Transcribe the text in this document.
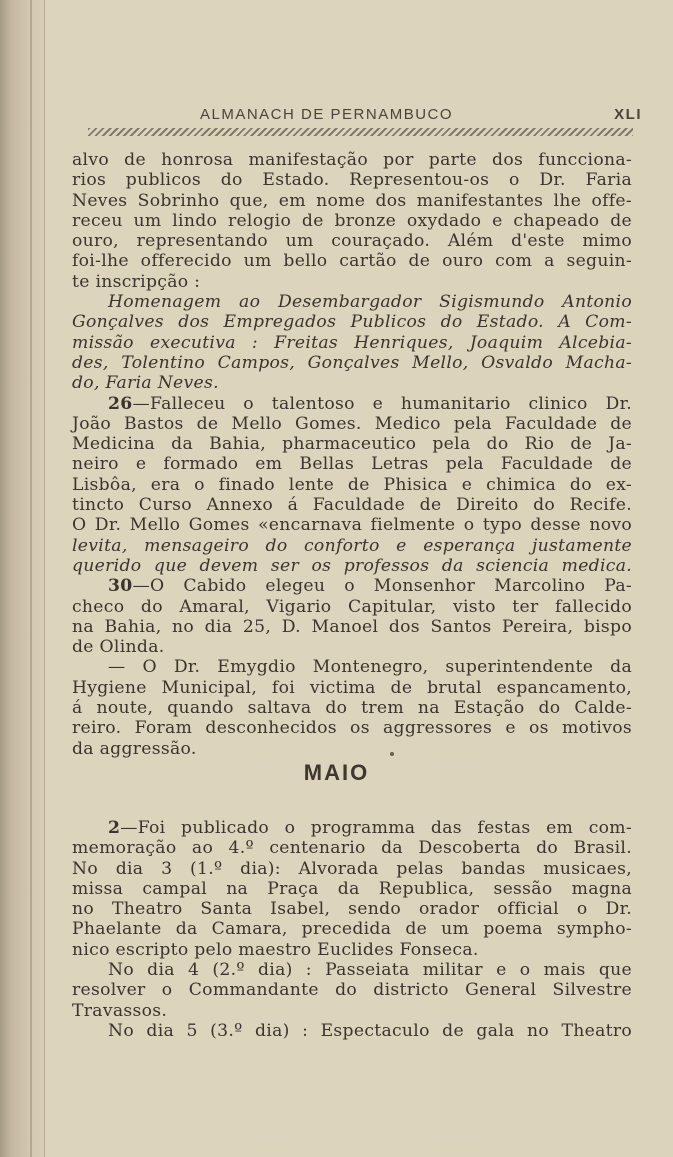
ALMANACH DE PERNAMBUCO	XLI
alvo de honrosa manifestação por parte dos funcciona-
rios publicos do Estado. Representou-os o Dr. Faria
Neves Sobrinho que, em nome dos manifestantes lhe offe-
receu um lindo relogio de bronze oxydado e chapeado de
ouro, representando um couraçado. Além d'este mimo
foi-lhe offerecido um bello cartão de ouro com a seguin-
te inscripção :
Homenagem ao Desembargador Sigismundo Antonio
Gonçalves dos Empregados Publicos do Estado. A Com-
missão executiva : Freitas Henriques, Joaquim Alcebia-
des, Tolentino Campos, Gonçalves Mello, Osvaldo Macha-
do, Faria Neves.
26—Falleceu o talentoso e humanitario clinico Dr.
João Bastos de Mello Gomes. Medico pela Faculdade de
Medicina da Bahia, pharmaceutico pela do Rio de Ja-
neiro e formado em Bellas Letras pela Faculdade de
Lisbôa, era o finado lente de Phisica e chimica do ex-
tincto Curso Annexo á Faculdade de Direito do Recife.
O Dr. Mello Gomes «encarnava fielmente o typo desse novo
levita, mensageiro do conforto e esperança justamente
querido que devem ser os professos da sciencia medica.
30—O Cabido elegeu o Monsenhor Marcolino Pa-
checo do Amaral, Vigario Capitular, visto ter fallecido
na Bahia, no dia 25, D. Manoel dos Santos Pereira, bispo
de Olinda.
— O Dr. Emygdio Montenegro, superintendente da
Hygiene Municipal, foi victima de brutal espancamento,
á noute, quando saltava do trem na Estação do Calde-
reiro. Foram desconhecidos os aggressores e os motivos
da aggressão.
MAIO
2—Foi publicado o programma das festas em com-
memoração ao 4.º centenario da Descoberta do Brasil.
No dia 3 (1.º dia): Alvorada pelas bandas musicaes,
missa campal na Praça da Republica, sessão magna
no Theatro Santa Isabel, sendo orador official o Dr.
Phaelante da Camara, precedida de um poema sympho-
nico escripto pelo maestro Euclides Fonseca.
No dia 4 (2.º dia) : Passeiata militar e o mais que
resolver o Commandante do districto General Silvestre
Travassos.
No dia 5 (3.º dia) : Espectaculo de gala no Theatro
